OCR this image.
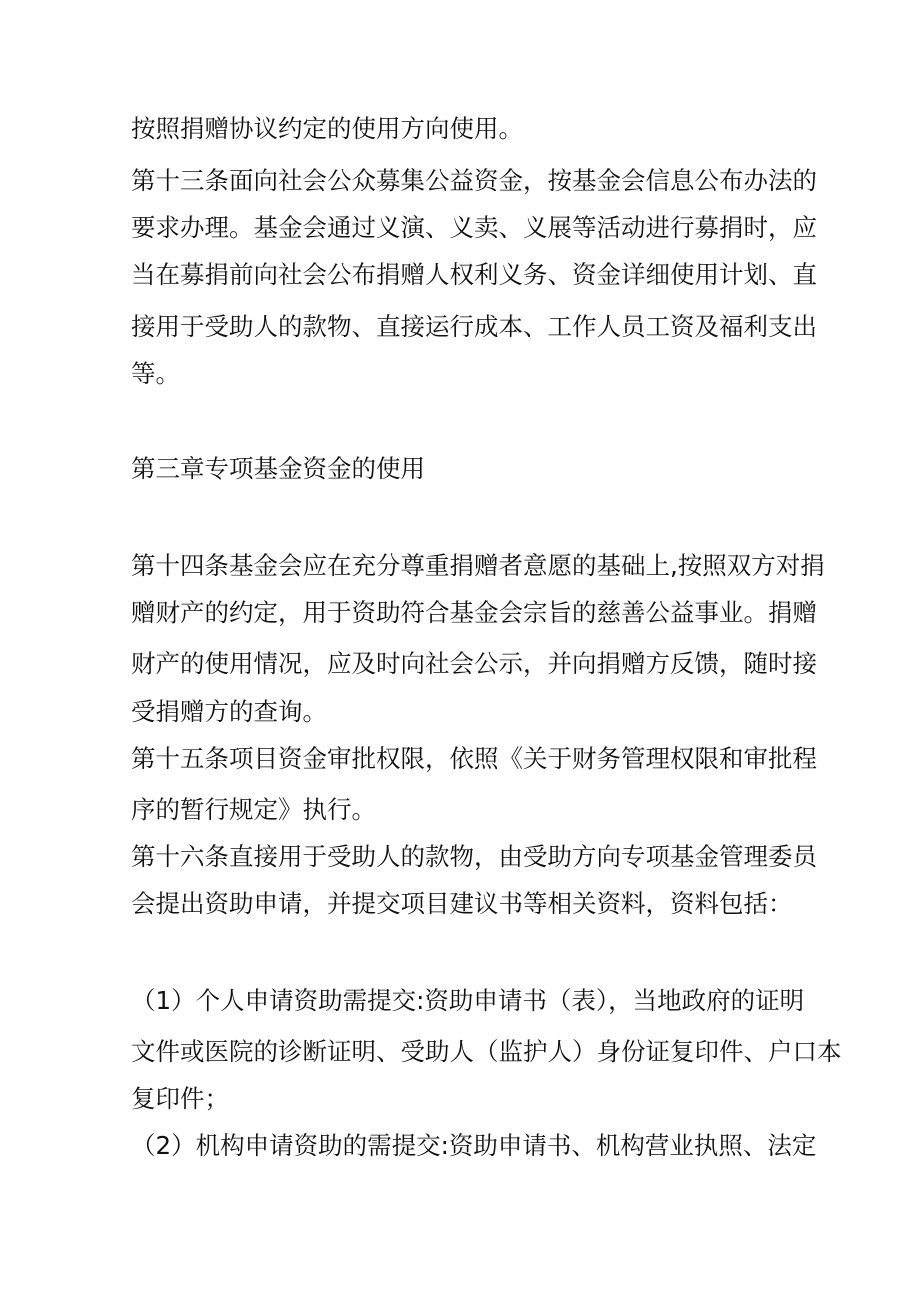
按照捐赠协议约定的使用方向使用。
第十三条面向社会公众募集公益资金，按基金会信息公布办法的
要求办理。基金会通过义演、义卖、义展等活动进行募捐时，应
当在募捐前向社会公布捐赠人权利义务、资金详细使用计划、直
接用于受助人的款物、直接运行成本、工作人员工资及福利支出
等。
第三章专项基金资金的使用
第十四条基金会应在充分尊重捐赠者意愿的基础上,按照双方对捐
赠财产的约定，用于资助符合基金会宗旨的慈善公益事业。捐赠
财产的使用情况，应及时向社会公示，并向捐赠方反馈，随时接
受捐赠方的查询。
第十五条项目资金审批权限，依照《关于财务管理权限和审批程
序的暂行规定》执行。
第十六条直接用于受助人的款物，由受助方向专项基金管理委员
会提出资助申请，并提交项目建议书等相关资料，资料包括：
（1）个人申请资助需提交:资助申请书（表），当地政府的证明
文件或医院的诊断证明、受助人（监护人）身份证复印件、户口本
复印件；
（2）机构申请资助的需提交:资助申请书、机构营业执照、法定
